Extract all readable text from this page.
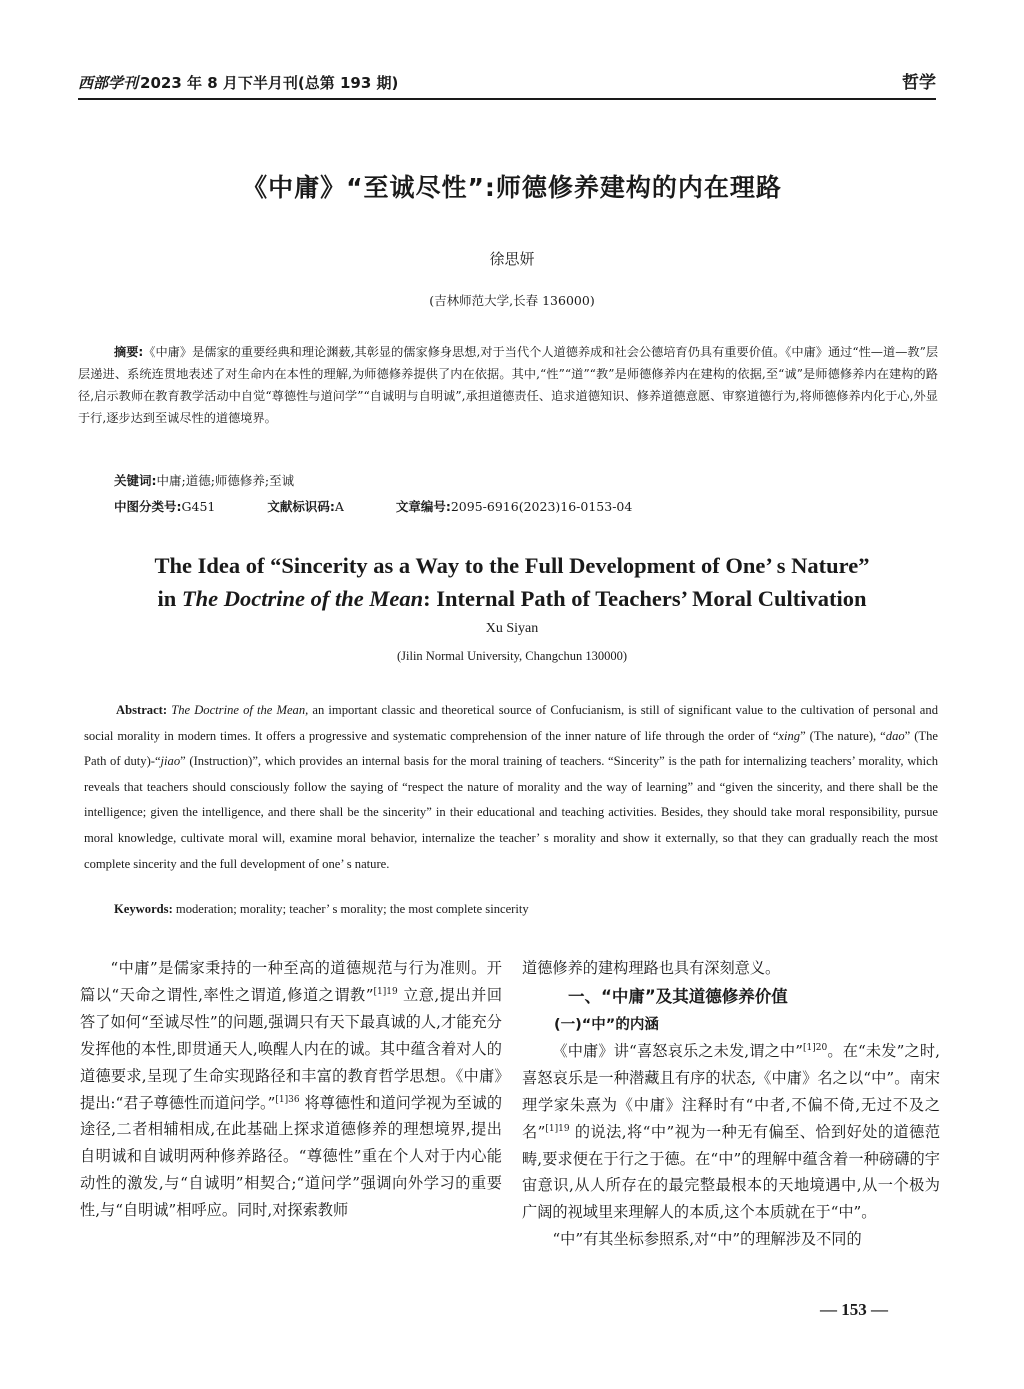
西部学刊 2023 年 8 月下半月刊(总第 193 期)	哲学
《中庸》“至诚尽性”:师德修养建构的内在理路
徐思妍
(吉林师范大学,长春 136000)
摘要:《中庸》是儒家的重要经典和理论渊薮,其彰显的儒家修身思想,对于当代个人道德养成和社会公德培育仍具有重要价值。《中庸》通过“性—道—教”层层递进、系统连贯地表述了对生命内在本性的理解,为师德修养提供了内在依据。其中,“性”“道”“教”是师德修养内在建构的依据,至“诚”是师德修养内在建构的路径,启示教师在教育教学活动中自觉“尊德性与道问学”“自诚明与自明诚”,承担道德责任、追求道德知识、修养道德意愿、审察道德行为,将师德修养内化于心,外显于行,逐步达到至诚尽性的道德境界。
关键词:中庸;道德;师德修养;至诚
中图分类号:G451	文献标识码:A	文章编号:2095-6916(2023)16-0153-04
The Idea of “Sincerity as a Way to the Full Development of One’ s Nature”
in The Doctrine of the Mean: Internal Path of Teachers’ Moral Cultivation
Xu Siyan
(Jilin Normal University, Changchun 130000)
Abstract: The Doctrine of the Mean, an important classic and theoretical source of Confucianism, is still of significant value to the cultivation of personal and social morality in modern times. It offers a progressive and systematic comprehension of the inner nature of life through the order of “xing” (The nature), “dao” (The Path of duty)-“jiao” (Instruction)”, which provides an internal basis for the moral training of teachers. “Sincerity” is the path for internalizing teachers’ morality, which reveals that teachers should consciously follow the saying of “respect the nature of morality and the way of learning” and “given the sincerity, and there shall be the intelligence; given the intelligence, and there shall be the sincerity” in their educational and teaching activities. Besides, they should take moral responsibility, pursue moral knowledge, cultivate moral will, examine moral behavior, internalize the teacher’ s morality and show it externally, so that they can gradually reach the most complete sincerity and the full development of one’ s nature.
Keywords: moderation; morality; teacher’ s morality; the most complete sincerity

“中庸”是儒家秉持的一种至高的道德规范与行为准则。开篇以“天命之谓性,率性之谓道,修道之谓教”$^{[1]19}$ 立意,提出并回答了如何“至诚尽性”的问题,强调只有天下最真诚的人,才能充分发挥他的本性,即贯通天人,唤醒人内在的诚。其中蕴含着对人的道德要求,呈现了生命实现路径和丰富的教育哲学思想。《中庸》提出:“君子尊德性而道问学。”$^{[1]36}$ 将尊德性和道问学视为至诚的途径,二者相辅相成,在此基础上探求道德修养的理想境界,提出自明诚和自诚明两种修养路径。“尊德性”重在个人对于内心能动性的激发,与“自诚明”相契合;“道问学”强调向外学习的重要性,与“自明诚”相呼应。同时,对探索教师

道德修养的建构理路也具有深刻意义。

一、“中庸”及其道德修养价值
(一)“中”的内涵

《中庸》讲“喜怒哀乐之未发,谓之中”$^{[1]20}$。在“未发”之时,喜怒哀乐是一种潜藏且有序的状态,《中庸》名之以“中”。南宋理学家朱熹为《中庸》注释时有“中者,不偏不倚,无过不及之名”$^{[1]19}$ 的说法,将“中”视为一种无有偏至、恰到好处的道德范畴,要求便在于行之于德。在“中”的理解中蕴含着一种磅礴的宇宙意识,从人所存在的最完整最根本的天地境遇中,从一个极为广阔的视域里来理解人的本质,这个本质就在于“中”。

“中”有其坐标参照系,对“中”的理解涉及不同的

— 153 —
